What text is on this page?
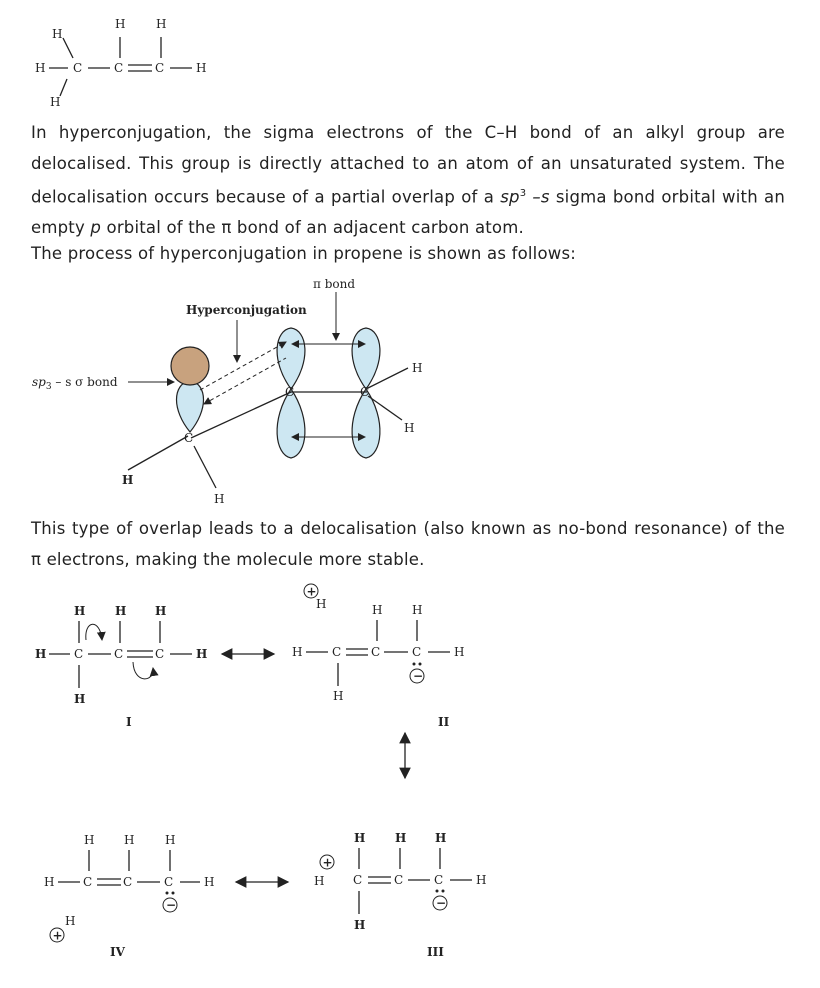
H C	C	C	H
H	H
H
H
In hyperconjugation, the sigma electrons of the C–H bond of an alkyl group are delocalised. This group is directly attached to an atom of an unsaturated system. The delocalisation occurs because of a partial overlap of a $sp^3$ –s sigma bond orbital with an empty p orbital of the π bond of an adjacent carbon atom.
The process of hyperconjugation in propene is shown as follows:
C	C
C
H
H
H
H
π bond
Hyperconjugation
$sp_3$ – s σ bond
This type of overlap leads to a delocalisation (also known as no-bond resonance) of the π electrons, making the molecule more stable.
H C	C	C	H
H H H
H
I
+
H
H C C	C	H
H H
H
−
II
H C	C	C	H
H H	H
−
+
H
IV
+
H C	C	C	H
H H H
H
−
III
